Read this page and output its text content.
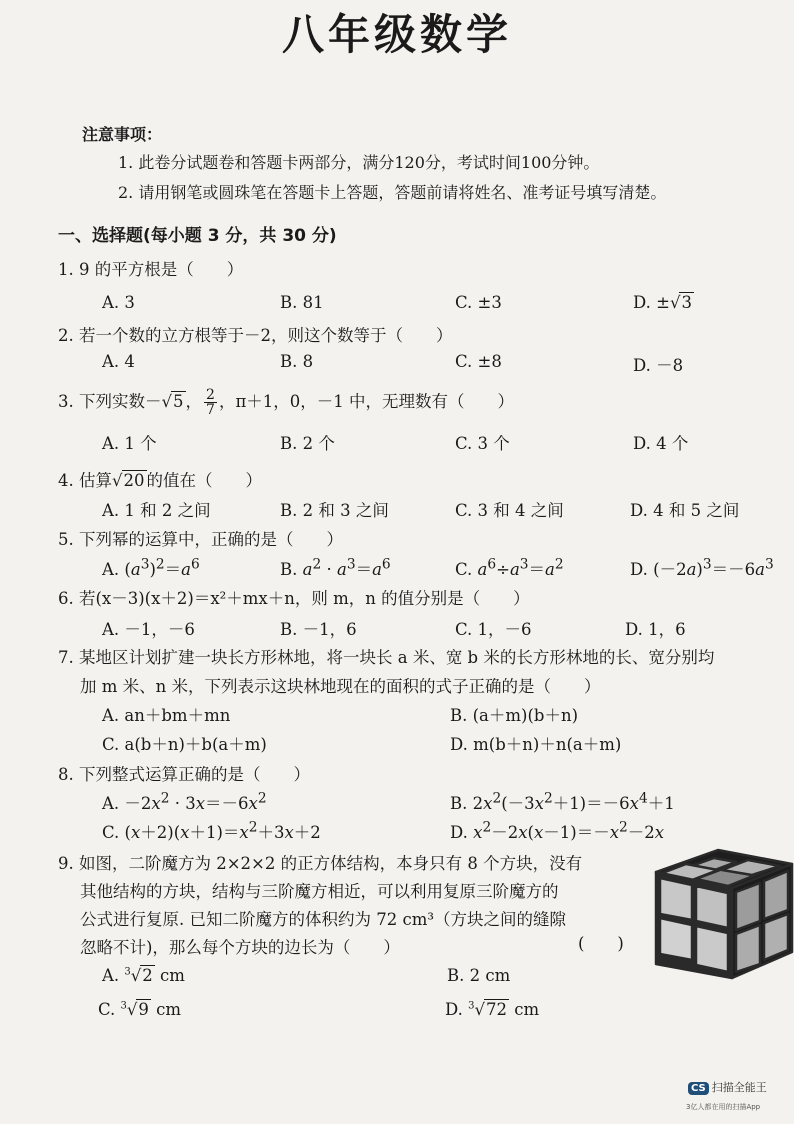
八年级数学
注意事项：
1. 此卷分试题卷和答题卡两部分，满分120分，考试时间100分钟。
2. 请用钢笔或圆珠笔在答题卡上答题，答题前请将姓名、准考证号填写清楚。
一、选择题(每小题 3 分，共 30 分)
1. 9 的平方根是（　　）
A. 3	B. 81	C. ±3	D. ±√3
2. 若一个数的立方根等于－2，则这个数等于（　　）
A. 4	B. 8	C. ±8	D. －8
3. 下列实数－√5 ， $\frac{2}{7}$ ，π＋1，0，－1 中，无理数有（　　）
A. 1 个	B. 2 个	C. 3 个	D. 4 个
4. 估算√20 的值在（　　）
A. 1 和 2 之间	B. 2 和 3 之间	C. 3 和 4 之间	D. 4 和 5 之间
5. 下列幂的运算中，正确的是（　　）
A. $(a^3)^2=a^6$	B. $a^2 \cdot a^3=a^6$	C. $a^6\div a^3=a^2$	D. $(-2a)^3=-6a^3$
6. 若(x－3)(x＋2)＝x²＋mx＋n，则 m，n 的值分别是（　　）
A. －1，－6	B. －1，6	C. 1，－6	D. 1，6
7. 某地区计划扩建一块长方形林地，将一块长 a 米、宽 b 米的长方形林地的长、宽分别均
加 m 米、n 米，下列表示这块林地现在的面积的式子正确的是（　　）
A. an＋bm＋mn	B. (a＋m)(b＋n)
C. a(b＋n)＋b(a＋m)	D. m(b＋n)＋n(a＋m)
8. 下列整式运算正确的是（　　）
A. $-2x^2 \cdot 3x=-6x^2$	B. $2x^2(-3x^2+1)=-6x^4+1$
C. $(x+2)(x+1)=x^2+3x+2$	D. $x^2-2x(x-1)=-x^2-2x$
9. 如图，二阶魔方为 2×2×2 的正方体结构，本身只有 8 个方块，没有
其他结构的方块，结构与三阶魔方相近，可以利用复原三阶魔方的
公式进行复原. 已知二阶魔方的体积约为 72 cm³（方块之间的缝隙
忽略不计)，那么每个方块的边长为（　　）	(　　)
A. $^3$√2 cm	B. 2 cm
C. $^3$√9 cm	D. $^3$√72 cm
CS 扫描全能王
3亿人都在用的扫描App
